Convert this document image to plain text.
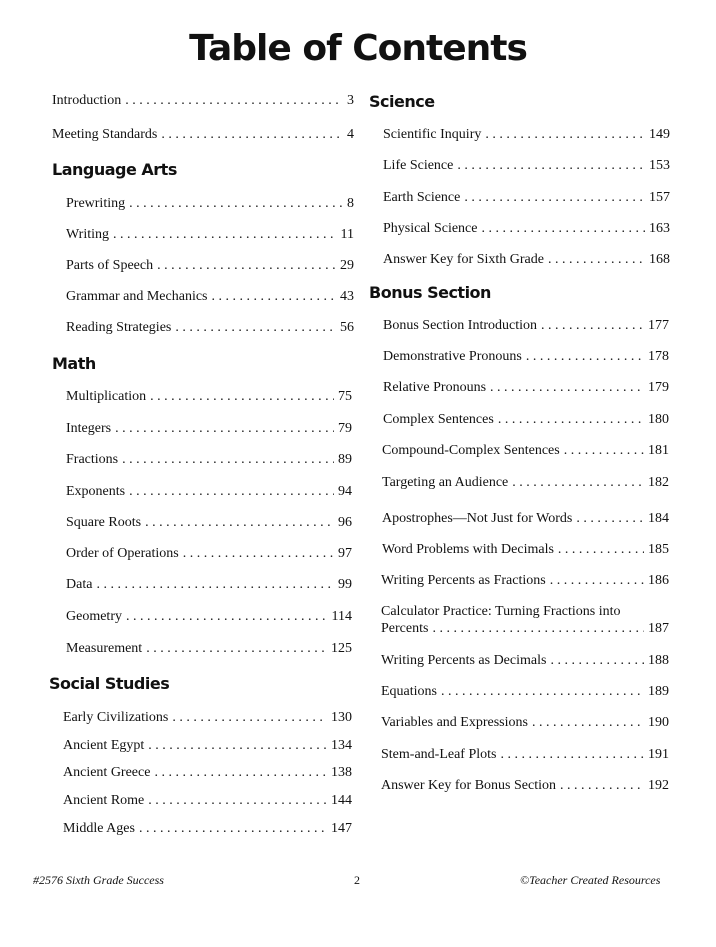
Table of Contents
Introduction . . .	3
Meeting Standards . . .	4
Language Arts
Prewriting . . .	8
Writing . . .	11
Parts of Speech . . .	29
Grammar and Mechanics . . .	43
Reading Strategies . . .	56
Math
Multiplication . . .	75
Integers . . .	79
Fractions . . .	89
Exponents . . .	94
Square Roots . . .	96
Order of Operations . . .	97
Data . . .	99
Geometry . . .	114
Measurement . . .	125
Social Studies
Early Civilizations . . .	130
Ancient Egypt . . .	134
Ancient Greece . . .	138
Ancient Rome . . .	144
Middle Ages . . .	147
Science
Scientific Inquiry . . .	149
Life Science . . .	153
Earth Science . . .	157
Physical Science . . .	163
Answer Key for Sixth Grade . . .	168
Bonus Section
Bonus Section Introduction . . .	177
Demonstrative Pronouns . . .	178
Relative Pronouns . . .	179
Complex Sentences . . .	180
Compound-Complex Sentences . . .	181
Targeting an Audience . . .	182
Apostrophes—Not Just for Words . . .	184
Word Problems with Decimals . . .	185
Writing Percents as Fractions . . .	186
Calculator Practice: Turning Fractions into
Percents . . .	187
Writing Percents as Decimals . . .	188
Equations . . .	189
Variables and Expressions . . .	190
Stem-and-Leaf Plots . . .	191
Answer Key for Bonus Section . . .	192
#2576 Sixth Grade Success	2	©Teacher Created Resources
